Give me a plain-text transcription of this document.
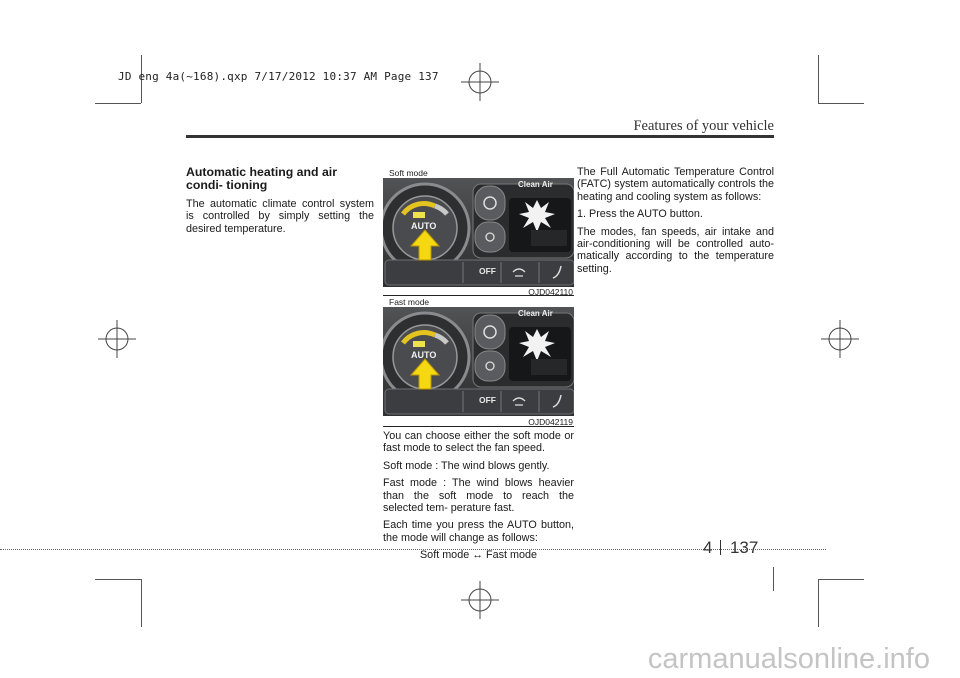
JD eng 4a(~168).qxp 7/17/2012 10:37 AM Page 137
Features of your vehicle
Automatic heating and air condi- tioning

The automatic climate control system is controlled by simply setting the desired temperature.

Soft mode
Clean Air
AUTO
OFF
OJD042110
Fast mode
Clean Air
AUTO
OFF
OJD042119

You can choose either the soft mode or fast mode to select the fan speed.

Soft mode : The wind blows gently.

Fast mode : The wind blows heavier than the soft mode to reach the selected tem- perature fast.

Each time you press the AUTO button, the mode will change as follows:

Soft mode ↔ Fast mode

The Full Automatic Temperature Control (FATC) system automatically controls the heating and cooling system as follows:

1. Press the AUTO button.

The modes, fan speeds, air intake and air-conditioning will be controlled auto- matically according to the temperature setting.

4 137
carmanualsonline.info
